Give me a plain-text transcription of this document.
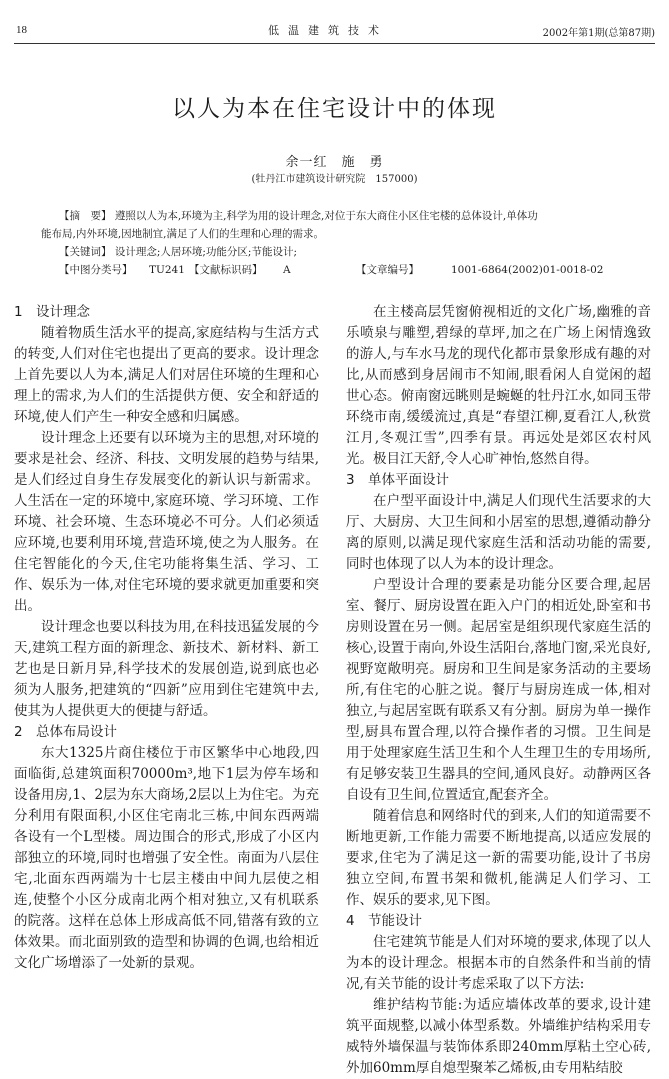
18	低温建筑技术	2002年第1期(总第87期)
以人为本在住宅设计中的体现
余一红　施　勇
(牡丹江市建筑设计研究院　157000)
【摘　要】 遵照以人为本,环境为主,科学为用的设计理念,对位于东大商住小区住宅楼的总体设计,单体功
能布局,内外环境,因地制宜,满足了人们的生理和心理的需求。
【关键词】 设计理念;人居环境;功能分区;节能设计;
【中图分类号】 TU241 【文献标识码】 A	【文章编号】	1001-6864(2002)01-0018-02
1 设计理念

随着物质生活水平的提高,家庭结构与生活方式的转变,人们对住宅也提出了更高的要求。设计理念上首先要以人为本,满足人们对居住环境的生理和心理上的需求,为人们的生活提供方便、安全和舒适的环境,使人们产生一种安全感和归属感。

设计理念上还要有以环境为主的思想,对环境的要求是社会、经济、科技、文明发展的趋势与结果,是人们经过自身生存发展变化的新认识与新需求。人生活在一定的环境中,家庭环境、学习环境、工作环境、社会环境、生态环境必不可分。人们必须适应环境,也要利用环境,营造环境,使之为人服务。在住宅智能化的今天,住宅功能将集生活、学习、工作、娱乐为一体,对住宅环境的要求就更加重要和突出。

设计理念也要以科技为用,在科技迅猛发展的今天,建筑工程方面的新理念、新技术、新材料、新工艺也是日新月异,科学技术的发展创造,说到底也必须为人服务,把建筑的“四新”应用到住宅建筑中去,使其为人提供更大的便捷与舒适。

2 总体布局设计

东大1325片商住楼位于市区繁华中心地段,四面临街,总建筑面积70000m³,地下1层为停车场和设备用房,1、2层为东大商场,2层以上为住宅。为充分利用有限面积,小区住宅南北三栋,中间东西两端各设有一个L型楼。周边围合的形式,形成了小区内部独立的环境,同时也增强了安全性。南面为八层住宅,北面东西两端为十七层主楼由中间九层使之相连,使整个小区分成南北两个相对独立,又有机联系的院落。这样在总体上形成高低不同,错落有致的立体效果。而北面别致的造型和协调的色调,也给相近文化广场增添了一处新的景观。

在主楼高层凭窗俯视相近的文化广场,幽雅的音乐喷泉与雕塑,碧绿的草坪,加之在广场上闲情逸致的游人,与车水马龙的现代化都市景象形成有趣的对比,从而感到身居闹市不知闹,眼看闲人自觉闲的超世心态。俯南窗远眺则是蜿蜒的牡丹江水,如同玉带环绕市南,缓缓流过,真是“春望江柳,夏看江人,秋赏江月,冬观江雪”,四季有景。再远处是郊区农村风光。极目江天舒,令人心旷神怡,悠然自得。

3 单体平面设计

在户型平面设计中,满足人们现代生活要求的大厅、大厨房、大卫生间和小居室的思想,遵循动静分离的原则,以满足现代家庭生活和活动功能的需要,同时也体现了以人为本的设计理念。

户型设计合理的要素是功能分区要合理,起居室、餐厅、厨房设置在距入户门的相近处,卧室和书房则设置在另一侧。起居室是组织现代家庭生活的核心,设置于南向,外设生活阳台,落地门窗,采光良好,视野宽敞明亮。厨房和卫生间是家务活动的主要场所,有住宅的心脏之说。餐厅与厨房连成一体,相对独立,与起居室既有联系又有分割。厨房为单一操作型,厨具布置合理,以符合操作者的习惯。卫生间是用于处理家庭生活卫生和个人生理卫生的专用场所,有足够安装卫生器具的空间,通风良好。动静两区各自设有卫生间,位置适宜,配套齐全。

随着信息和网络时代的到来,人们的知道需要不断地更新,工作能力需要不断地提高,以适应发展的要求,住宅为了满足这一新的需要功能,设计了书房独立空间,布置书架和微机,能满足人们学习、工作、娱乐的要求,见下图。

4 节能设计

住宅建筑节能是人们对环境的要求,体现了以人为本的设计理念。根据本市的自然条件和当前的情况,有关节能的设计考虑采取了以下方法:

维护结构节能:为适应墙体改革的要求,设计建筑平面规整,以减小体型系数。外墙维护结构采用专威特外墙保温与装饰体系即240mm厚粘土空心砖,外加60mm厚自熄型聚苯乙烯板,由专用粘结胶
